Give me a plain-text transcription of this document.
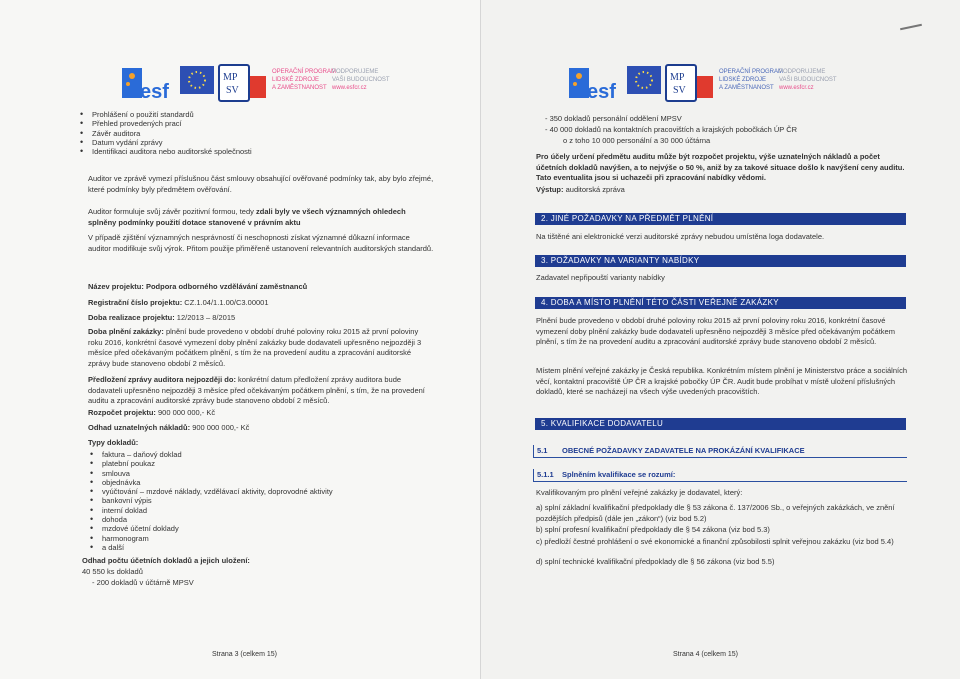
esf
MP
SV
OPERAČNÍ PROGRAM
LIDSKÉ ZDROJE
A ZAMĚSTNANOST
PODPORUJEME
VAŠI BUDOUCNOST
www.esfcr.cz
• Prohlášení o použití standardů
• Přehled provedených prací
• Závěr auditora
• Datum vydání zprávy
• Identifikaci auditora nebo auditorské společnosti
Auditor ve zprávě vymezí příslušnou část smlouvy obsahující ověřované podmínky tak, aby bylo zřejmé, které podmínky byly předmětem ověřování.
Auditor formuluje svůj závěr pozitivní formou, tedy zdali byly ve všech významných ohledech splněny podmínky použití dotace stanovené v právním aktu
V případě zjištění významných nesprávností či neschopnosti získat významné důkazní informace auditor modifikuje svůj výrok. Přitom použije přiměřeně ustanovení relevantních auditorských standardů.
Název projektu: Podpora odborného vzdělávání zaměstnanců
Registrační číslo projektu: CZ.1.04/1.1.00/C3.00001
Doba realizace projektu: 12/2013 – 8/2015
Doba plnění zakázky: plnění bude provedeno v období druhé poloviny roku 2015 až první poloviny roku 2016, konkrétní časové vymezení doby plnění zakázky bude dodavateli upřesněno nejpozději 3 měsíce před očekávaným počátkem plnění, s tím že na provedení auditu a zpracování auditorské zprávy bude stanoveno období 2 měsíců.
Předložení zprávy auditora nejpozději do: konkrétní datum předložení zprávy auditora bude dodavateli upřesněno nejpozději 3 měsíce před očekávaným počátkem plnění, s tím, že na provedení auditu a zpracování auditorské zprávy bude stanoveno období 2 měsíců.
Rozpočet projektu: 900 000 000,- Kč
Odhad uznatelných nákladů: 900 000 000,- Kč
Typy dokladů:
• faktura – daňový doklad
• platební poukaz
• smlouva
• objednávka
• vyúčtování – mzdové náklady, vzdělávací aktivity, doprovodné aktivity
• bankovní výpis
• interní doklad
• dohoda
• mzdové účetní doklady
• harmonogram
• a další
Odhad počtu účetních dokladů a jejich uložení:
40 550 ks dokladů
- 200 dokladů v účtárně MPSV
Strana 3 (celkem 15)
esf
MP
SV
OPERAČNÍ PROGRAM
LIDSKÉ ZDROJE
A ZAMĚSTNANOST
PODPORUJEME
VAŠI BUDOUCNOST
www.esfcr.cz
- 350 dokladů personální oddělení MPSV
- 40 000 dokladů na kontaktních pracovištích a krajských pobočkách ÚP ČR
o z toho 10 000 personální a 30 000 účtárna
Pro účely určení předmětu auditu může být rozpočet projektu, výše uznatelných nákladů a počet účetních dokladů navýšen, a to nejvýše o 50 %, aniž by za takové situace došlo k navýšení ceny auditu. Tato eventualita jsou si uchazeči při zpracování nabídky vědomi.
Výstup: auditorská zpráva
2. JINÉ POŽADAVKY NA PŘEDMĚT PLNĚNÍ
Na tištěné ani elektronické verzi auditorské zprávy nebudou umístěna loga dodavatele.
3. POŽADAVKY NA VARIANTY NABÍDKY
Zadavatel nepřipouští varianty nabídky
4. DOBA A MÍSTO PLNĚNÍ TÉTO ČÁSTI VEŘEJNÉ ZAKÁZKY
Plnění bude provedeno v období druhé poloviny roku 2015 až první poloviny roku 2016, konkrétní časové vymezení doby plnění zakázky bude dodavateli upřesněno nejpozději 3 měsíce před očekávaným počátkem plnění, s tím že na provedení auditu a zpracování auditorské zprávy bude stanoveno období 2 měsíců.
Místem plnění veřejné zakázky je Česká republika. Konkrétním místem plnění je Ministerstvo práce a sociálních věcí, kontaktní pracoviště ÚP ČR a krajské pobočky ÚP ČR. Audit bude probíhat v místě uložení příslušných dokladů, které se nacházejí na všech výše uvedených pracovištích.
5. KVALIFIKACE DODAVATELU
5.1 OBECNÉ POŽADAVKY ZADAVATELE NA PROKÁZÁNÍ KVALIFIKACE
5.1.1 Splněním kvalifikace se rozumí:
Kvalifikovaným pro plnění veřejné zakázky je dodavatel, který:
a) splní základní kvalifikační předpoklady dle § 53 zákona č. 137/2006 Sb., o veřejných zakázkách, ve znění pozdějších předpisů (dále jen „zákon“) (viz bod 5.2)
b) splní profesní kvalifikační předpoklady dle § 54 zákona (viz bod 5.3)
c) předloží čestné prohlášení o své ekonomické a finanční způsobilosti splnit veřejnou zakázku (viz bod 5.4)
d) splní technické kvalifikační předpoklady dle § 56 zákona (viz bod 5.5)
Strana 4 (celkem 15)
